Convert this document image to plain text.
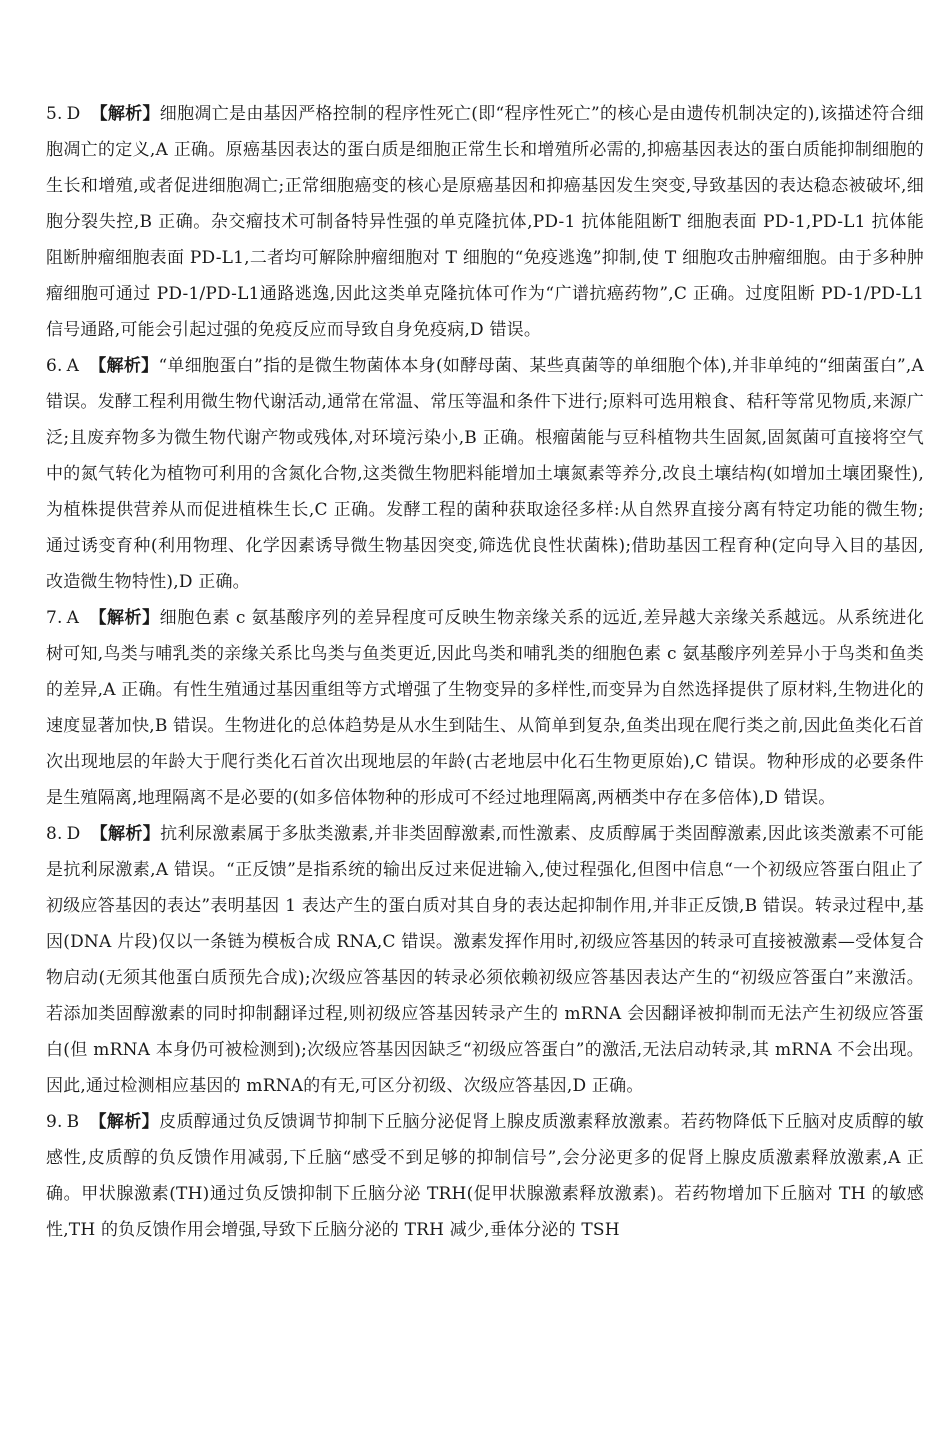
5. D 【解析】细胞凋亡是由基因严格控制的程序性死亡(即“程序性死亡”的核心是由遗传机制决定的),该描述符合细胞凋亡的定义,A 正确。原癌基因表达的蛋白质是细胞正常生长和增殖所必需的,抑癌基因表达的蛋白质能抑制细胞的生长和增殖,或者促进细胞凋亡;正常细胞癌变的核心是原癌基因和抑癌基因发生突变,导致基因的表达稳态被破坏,细胞分裂失控,B 正确。杂交瘤技术可制备特异性强的单克隆抗体,PD-1 抗体能阻断T 细胞表面 PD-1,PD-L1 抗体能阻断肿瘤细胞表面 PD-L1,二者均可解除肿瘤细胞对 T 细胞的“免疫逃逸”抑制,使 T 细胞攻击肿瘤细胞。由于多种肿瘤细胞可通过 PD-1/PD-L1通路逃逸,因此这类单克隆抗体可作为“广谱抗癌药物”,C 正确。过度阻断 PD-1/PD-L1 信号通路,可能会引起过强的免疫反应而导致自身免疫病,D 错误。

6. A 【解析】“单细胞蛋白”指的是微生物菌体本身(如酵母菌、某些真菌等的单细胞个体),并非单纯的“细菌蛋白”,A 错误。发酵工程利用微生物代谢活动,通常在常温、常压等温和条件下进行;原料可选用粮食、秸秆等常见物质,来源广泛;且废弃物多为微生物代谢产物或残体,对环境污染小,B 正确。根瘤菌能与豆科植物共生固氮,固氮菌可直接将空气中的氮气转化为植物可利用的含氮化合物,这类微生物肥料能增加土壤氮素等养分,改良土壤结构(如增加土壤团聚性),为植株提供营养从而促进植株生长,C 正确。发酵工程的菌种获取途径多样:从自然界直接分离有特定功能的微生物;通过诱变育种(利用物理、化学因素诱导微生物基因突变,筛选优良性状菌株);借助基因工程育种(定向导入目的基因,改造微生物特性),D 正确。

7. A 【解析】细胞色素 c 氨基酸序列的差异程度可反映生物亲缘关系的远近,差异越大亲缘关系越远。从系统进化树可知,鸟类与哺乳类的亲缘关系比鸟类与鱼类更近,因此鸟类和哺乳类的细胞色素 c 氨基酸序列差异小于鸟类和鱼类的差异,A 正确。有性生殖通过基因重组等方式增强了生物变异的多样性,而变异为自然选择提供了原材料,生物进化的速度显著加快,B 错误。生物进化的总体趋势是从水生到陆生、从简单到复杂,鱼类出现在爬行类之前,因此鱼类化石首次出现地层的年龄大于爬行类化石首次出现地层的年龄(古老地层中化石生物更原始),C 错误。物种形成的必要条件是生殖隔离,地理隔离不是必要的(如多倍体物种的形成可不经过地理隔离,两栖类中存在多倍体),D 错误。

8. D 【解析】抗利尿激素属于多肽类激素,并非类固醇激素,而性激素、皮质醇属于类固醇激素,因此该类激素不可能是抗利尿激素,A 错误。“正反馈”是指系统的输出反过来促进输入,使过程强化,但图中信息“一个初级应答蛋白阻止了初级应答基因的表达”表明基因 1 表达产生的蛋白质对其自身的表达起抑制作用,并非正反馈,B 错误。转录过程中,基因(DNA 片段)仅以一条链为模板合成 RNA,C 错误。激素发挥作用时,初级应答基因的转录可直接被激素—受体复合物启动(无须其他蛋白质预先合成);次级应答基因的转录必须依赖初级应答基因表达产生的“初级应答蛋白”来激活。若添加类固醇激素的同时抑制翻译过程,则初级应答基因转录产生的 mRNA 会因翻译被抑制而无法产生初级应答蛋白(但 mRNA 本身仍可被检测到);次级应答基因因缺乏“初级应答蛋白”的激活,无法启动转录,其 mRNA 不会出现。因此,通过检测相应基因的 mRNA的有无,可区分初级、次级应答基因,D 正确。

9. B 【解析】皮质醇通过负反馈调节抑制下丘脑分泌促肾上腺皮质激素释放激素。若药物降低下丘脑对皮质醇的敏感性,皮质醇的负反馈作用减弱,下丘脑“感受不到足够的抑制信号”,会分泌更多的促肾上腺皮质激素释放激素,A 正确。甲状腺激素(TH)通过负反馈抑制下丘脑分泌 TRH(促甲状腺激素释放激素)。若药物增加下丘脑对 TH 的敏感性,TH 的负反馈作用会增强,导致下丘脑分泌的 TRH 减少,垂体分泌的 TSH
